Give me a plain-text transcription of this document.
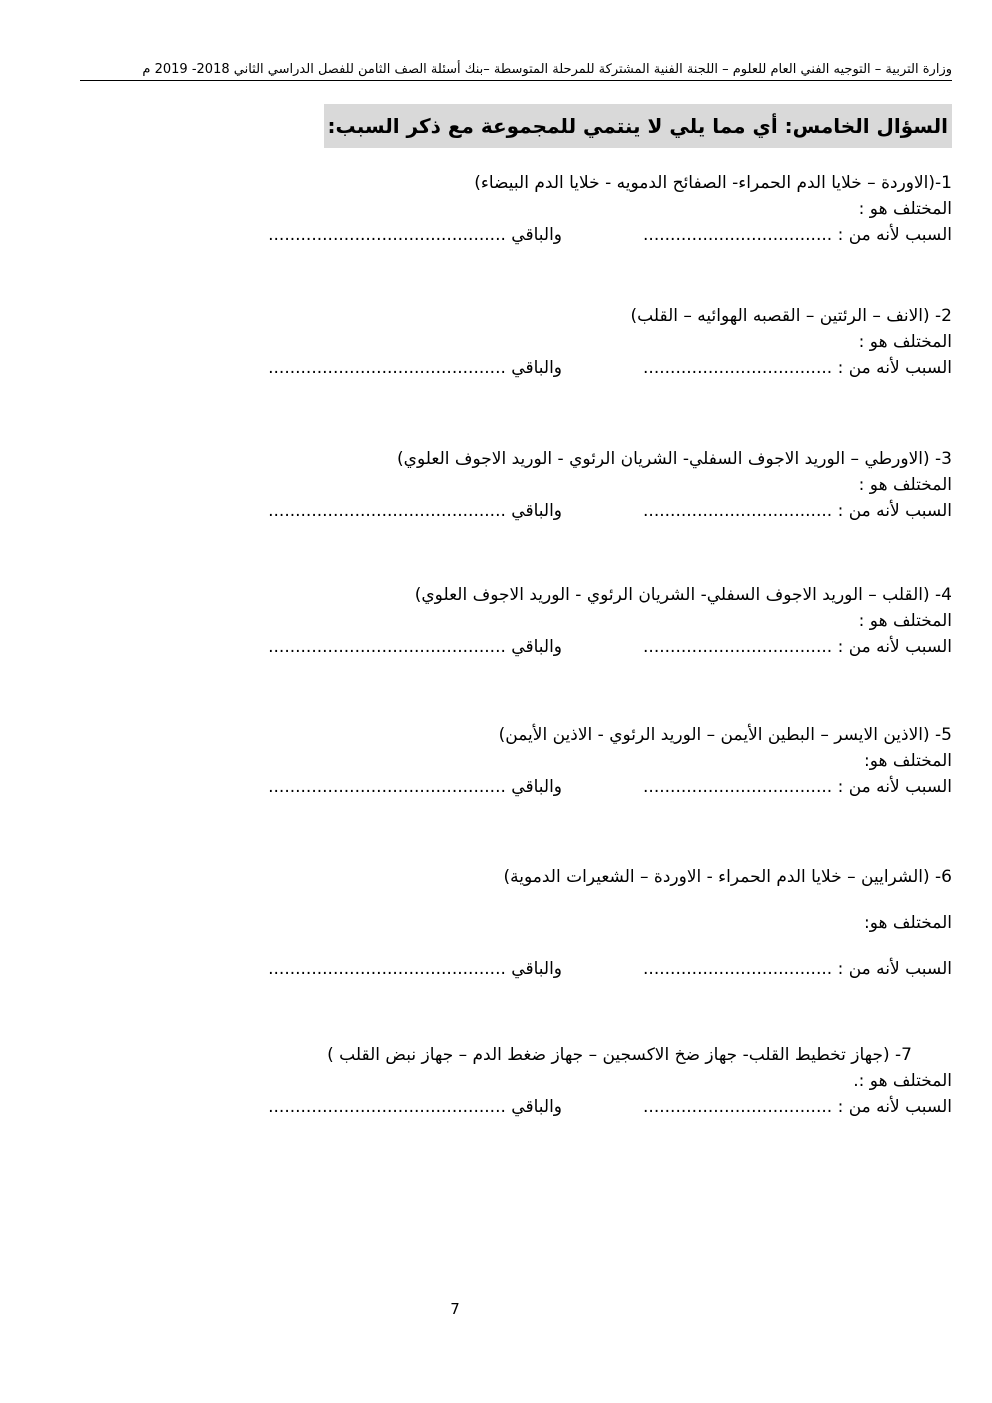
وزارة التربية – التوجيه الفني العام للعلوم – اللجنة الفنية المشتركة للمرحلة المتوسطة –بنك أسئلة الصف الثامن للفصل الدراسي الثاني 2018- 2019 م
السؤال الخامس: أي مما يلي لا ينتمي للمجموعة مع ذكر السبب:
1-(الاوردة – خلايا الدم الحمراء- الصفائح الدمويه - خلايا الدم البيضاء)
المختلف هو :
السبب لأنه من : ...................................
والباقي ............................................
2- (الانف – الرئتين – القصبه الهوائيه – القلب)
المختلف هو :
السبب لأنه من : ...................................
والباقي ............................................
3- (الاورطي – الوريد الاجوف السفلي- الشريان الرئوي - الوريد الاجوف العلوي)
المختلف هو :
السبب لأنه من : ...................................
والباقي ............................................
4- (القلب – الوريد الاجوف السفلي- الشريان الرئوي - الوريد الاجوف العلوي)
المختلف هو :
السبب لأنه من : ...................................
والباقي ............................................
5- (الاذين الايسر – البطين الأيمن – الوريد الرئوي - الاذين الأيمن)
المختلف هو:
السبب لأنه من : ...................................
والباقي ............................................
6- (الشرايين – خلايا الدم الحمراء - الاوردة – الشعيرات الدموية)
المختلف هو:
السبب لأنه من : ...................................
والباقي ............................................
7- (جهاز تخطيط القلب- جهاز ضخ الاكسجين – جهاز ضغط الدم – جهاز نبض القلب )
المختلف هو :.
السبب لأنه من : ...................................
والباقي ............................................
7
